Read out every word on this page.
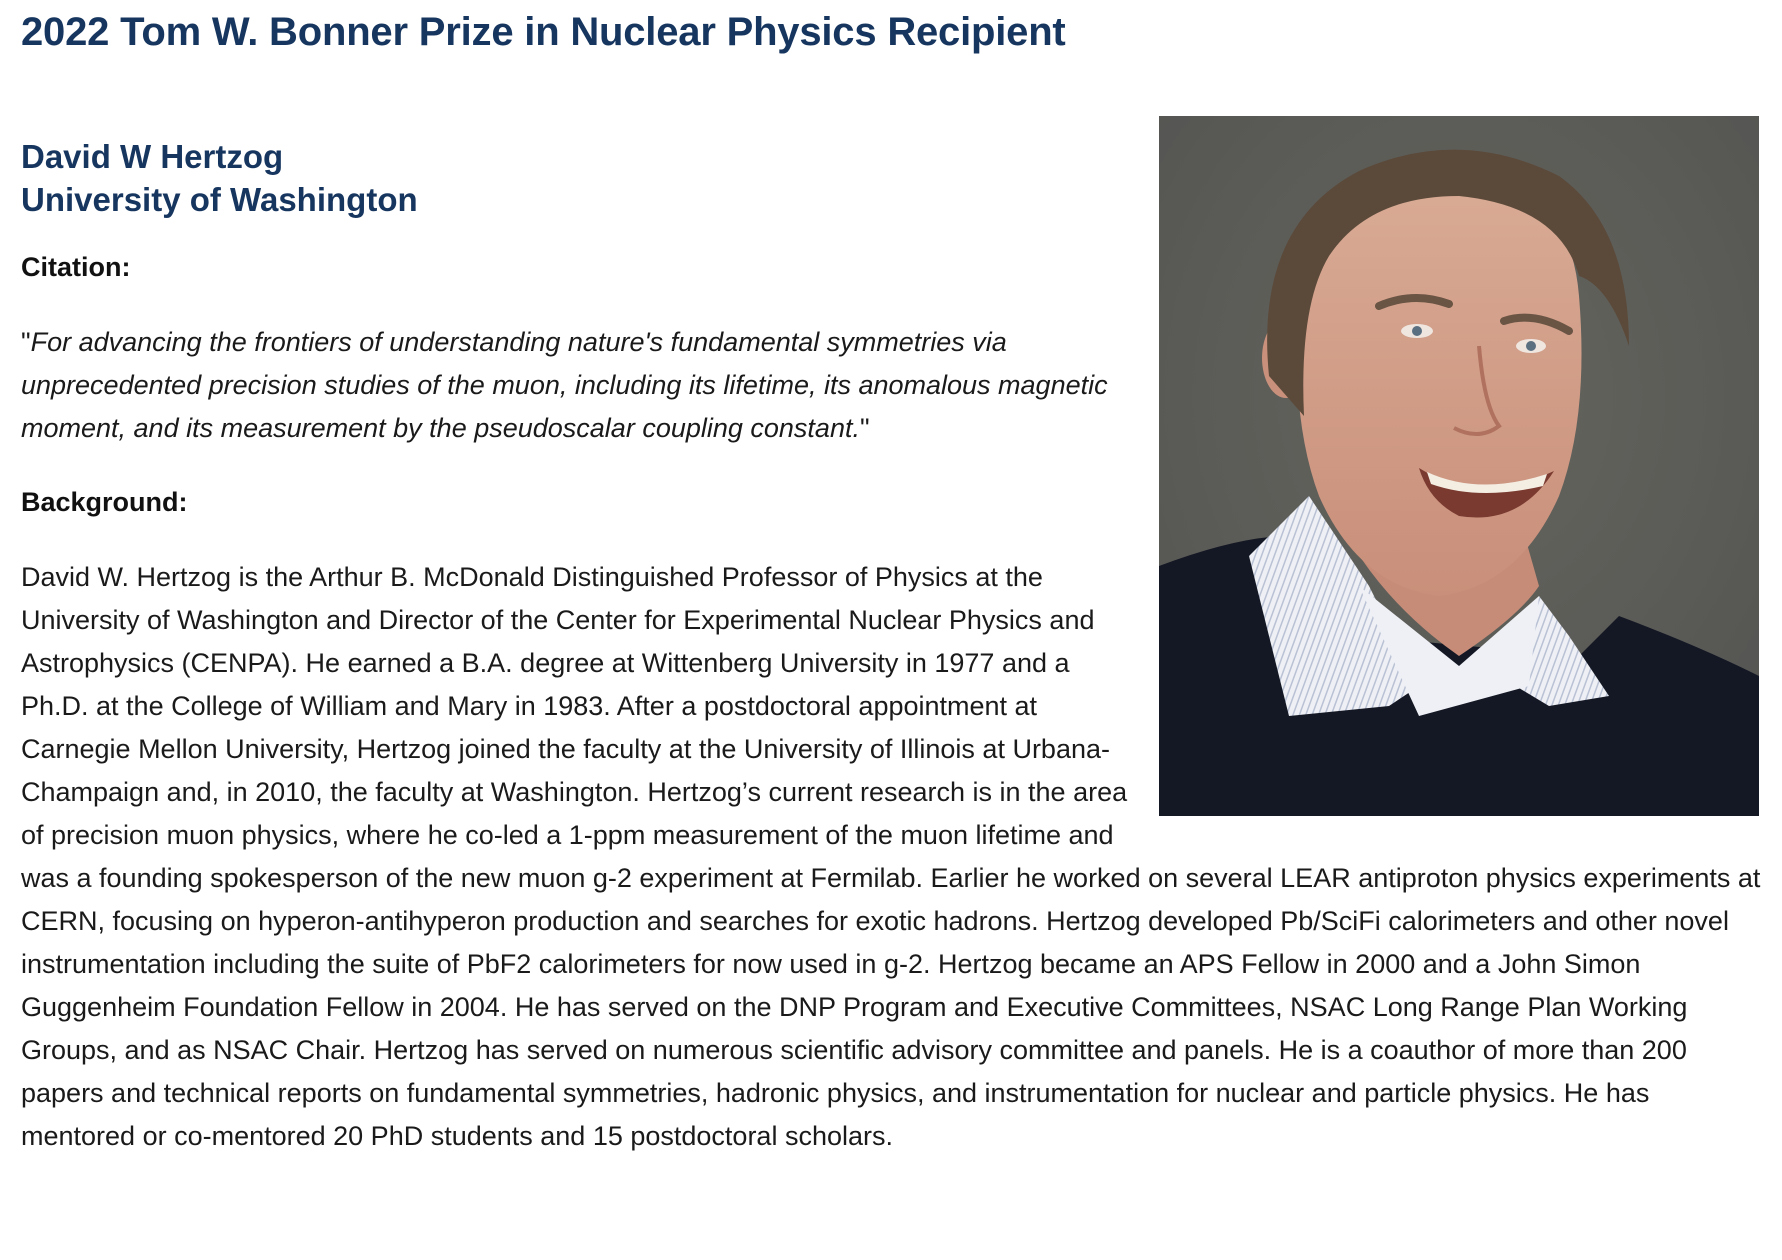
2022 Tom W. Bonner Prize in Nuclear Physics Recipient

David W Hertzog

University of Washington

Citation:

"For advancing the frontiers of understanding nature's fundamental symmetries via unprecedented precision studies of the muon, including its lifetime, its anomalous magnetic moment, and its measurement by the pseudoscalar coupling constant."

Background:

David W. Hertzog is the Arthur B. McDonald Distinguished Professor of Physics at the University of Washington and Director of the Center for Experimental Nuclear Physics and Astrophysics (CENPA). He earned a B.A. degree at Wittenberg University in 1977 and a Ph.D. at the College of William and Mary in 1983. After a postdoctoral appointment at Carnegie Mellon University, Hertzog joined the faculty at the University of Illinois at Urbana-Champaign and, in 2010, the faculty at Washington. Hertzog’s current research is in the area of precision muon physics, where he co-led a 1-ppm measurement of the muon lifetime and was a founding spokesperson of the new muon g-2 experiment at Fermilab. Earlier he worked on several LEAR antiproton physics experiments at CERN, focusing on hyperon-antihyperon production and searches for exotic hadrons. Hertzog developed Pb/SciFi calorimeters and other novel instrumentation including the suite of PbF2 calorimeters for now used in g-2. Hertzog became an APS Fellow in 2000 and a John Simon Guggenheim Foundation Fellow in 2004. He has served on the DNP Program and Executive Committees, NSAC Long Range Plan Working Groups, and as NSAC Chair. Hertzog has served on numerous scientific advisory committee and panels. He is a coauthor of more than 200 papers and technical reports on fundamental symmetries, hadronic physics, and instrumentation for nuclear and particle physics. He has mentored or co-mentored 20 PhD students and 15 postdoctoral scholars.
